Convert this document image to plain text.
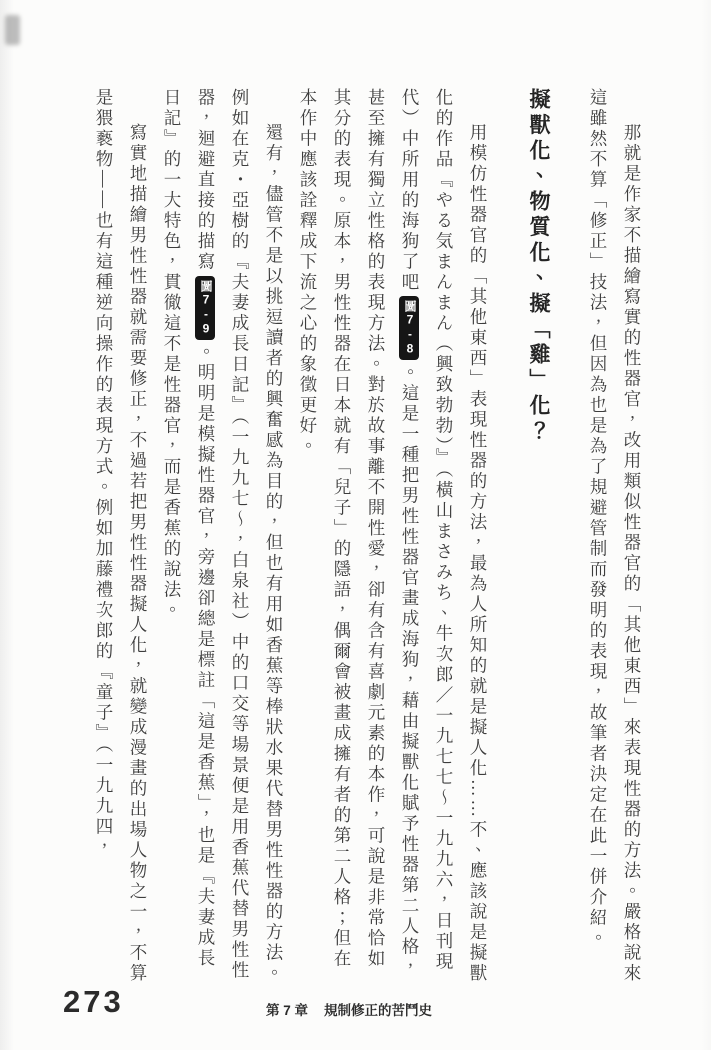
那就是作家不描繪寫實的性器官，改用類似性器官的「其他東西」來表現性器的方法。嚴格說來這雖然不算「修正」技法，但因為也是為了規避管制而發明的表現，故筆者決定在此一併介紹。

擬獸化、物質化、擬「雞」化？

用模仿性器官的「其他東西」表現性器的方法，最為人所知的就是擬人化……不、應該說是擬獸化的作品『やる気まんまん（興致勃勃）』（橫山まさみち、牛次郎／一九七七～一九九六，日刊現代）中所用的海狗了吧圖7-8。這是一種把男性性器官畫成海狗，藉由擬獸化賦予性器第二人格，甚至擁有獨立性格的表現方法。對於故事離不開性愛，卻有含有喜劇元素的本作，可說是非常恰如其分的表現。原本，男性性器在日本就有「兒子」的隱語，偶爾會被畫成擁有者的第二人格；但在本作中應該詮釋成下流之心的象徵更好。

還有，儘管不是以挑逗讀者的興奮感為目的，但也有用如香蕉等棒狀水果代替男性性器的方法。例如在克・亞樹的『夫妻成長日記』（一九九七～，白泉社）中的口交等場景便是用香蕉代替男性性器，迴避直接的描寫圖7-9。明明是模擬性器官，旁邊卻總是標註「這是香蕉」，也是『夫妻成長日記』的一大特色，貫徹這不是性器官，而是香蕉的說法。

寫實地描繪男性性器就需要修正，不過若把男性性器擬人化，就變成漫畫的出場人物之一，不算是猥褻物——也有這種逆向操作的表現方式。例如加藤禮次郎的『童子』（一九九四，

273	第 7 章 規制修正的苦鬥史
